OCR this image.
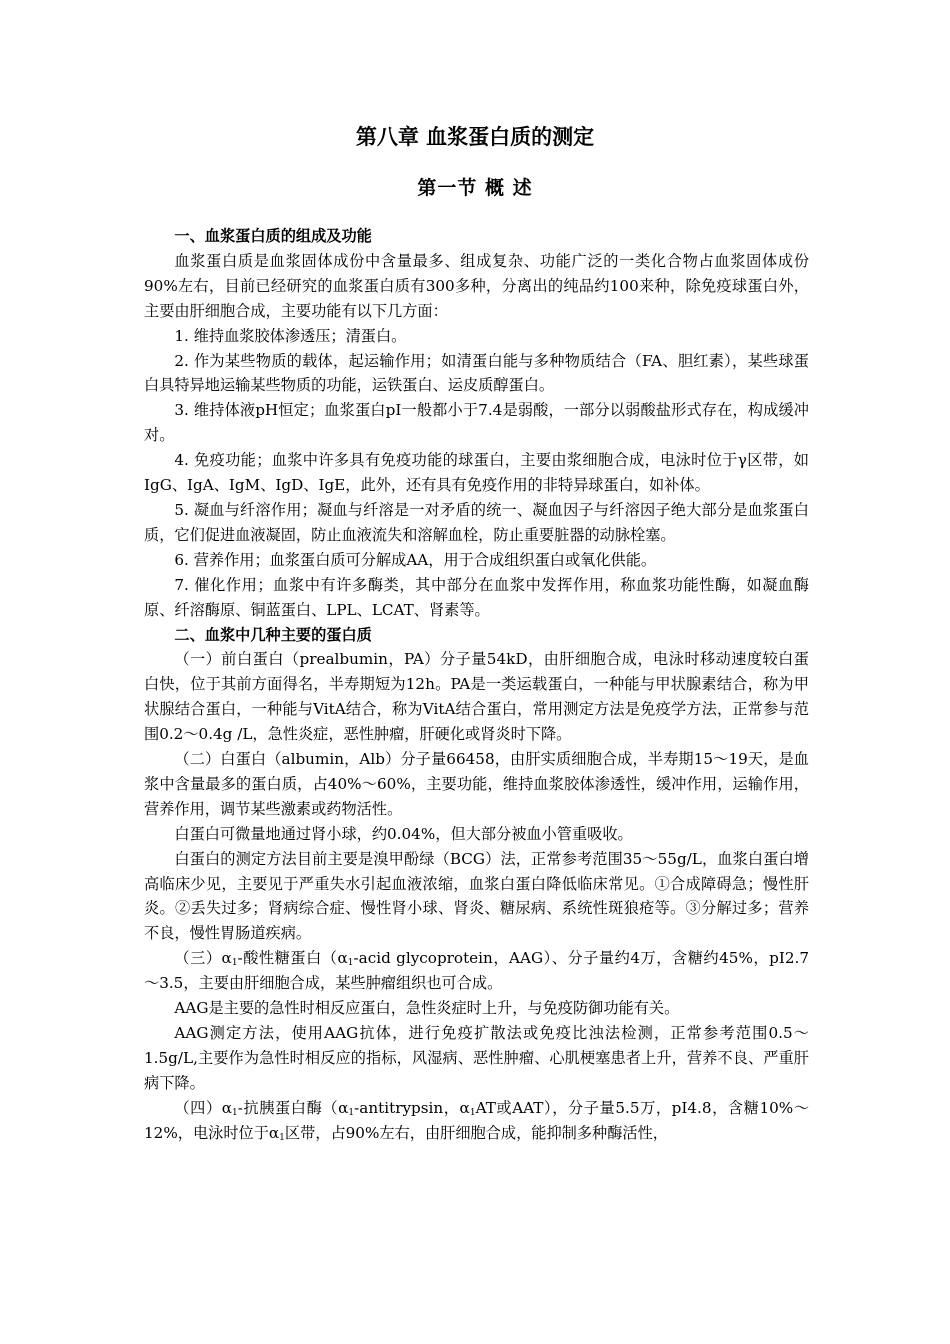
第八章 血浆蛋白质的测定
第一节 概 述
一、血浆蛋白质的组成及功能

血浆蛋白质是血浆固体成份中含量最多、组成复杂、功能广泛的一类化合物占血浆固体成份90%左右，目前已经研究的血浆蛋白质有300多种，分离出的纯品约100来种，除免疫球蛋白外，主要由肝细胞合成，主要功能有以下几方面：

1. 维持血浆胶体渗透压；清蛋白。

2. 作为某些物质的载体，起运输作用；如清蛋白能与多种物质结合（FA、胆红素），某些球蛋白具特异地运输某些物质的功能，运铁蛋白、运皮质醇蛋白。

3. 维持体液pH恒定；血浆蛋白pI一般都小于7.4是弱酸，一部分以弱酸盐形式存在，构成缓冲对。

4. 免疫功能；血浆中许多具有免疫功能的球蛋白，主要由浆细胞合成，电泳时位于γ区带，如IgG、IgA、IgM、IgD、IgE，此外，还有具有免疫作用的非特异球蛋白，如补体。

5. 凝血与纤溶作用；凝血与纤溶是一对矛盾的统一、凝血因子与纤溶因子绝大部分是血浆蛋白质，它们促进血液凝固，防止血液流失和溶解血栓，防止重要脏器的动脉栓塞。

6. 营养作用；血浆蛋白质可分解成AA，用于合成组织蛋白或氧化供能。

7. 催化作用；血浆中有许多酶类，其中部分在血浆中发挥作用，称血浆功能性酶，如凝血酶原、纤溶酶原、铜蓝蛋白、LPL、LCAT、肾素等。

二、血浆中几种主要的蛋白质

（一）前白蛋白（prealbumin，PA）分子量54kD，由肝细胞合成，电泳时移动速度较白蛋白快，位于其前方面得名，半寿期短为12h。PA是一类运载蛋白，一种能与甲状腺素结合，称为甲状腺结合蛋白，一种能与VitA结合，称为VitA结合蛋白，常用测定方法是免疫学方法，正常参与范围0.2～0.4g /L，急性炎症，恶性肿瘤，肝硬化或肾炎时下降。

（二）白蛋白（albumin，Alb）分子量66458，由肝实质细胞合成，半寿期15～19天，是血浆中含量最多的蛋白质，占40%～60%，主要功能，维持血浆胶体渗透性，缓冲作用，运输作用，营养作用，调节某些激素或药物活性。

白蛋白可微量地通过肾小球，约0.04%，但大部分被血小管重吸收。

白蛋白的测定方法目前主要是溴甲酚绿（BCG）法，正常参考范围35～55g/L，血浆白蛋白增高临床少见，主要见于严重失水引起血液浓缩，血浆白蛋白降低临床常见。①合成障碍急；慢性肝炎。②丢失过多；肾病综合症、慢性肾小球、肾炎、糖尿病、系统性斑狼疮等。③分解过多；营养不良，慢性胃肠道疾病。

（三）$\alpha_1-$酸性糖蛋白（$\alpha_1$-acid glycoprotein，AAG）、分子量约4万，含糖约45%，pI2.7～3.5，主要由肝细胞合成，某些肿瘤组织也可合成。

AAG是主要的急性时相反应蛋白，急性炎症时上升，与免疫防御功能有关。

AAG测定方法，使用AAG抗体，进行免疫扩散法或免疫比浊法检测，正常参考范围0.5～1.5g/L,主要作为急性时相反应的指标，风湿病、恶性肿瘤、心肌梗塞患者上升，营养不良、严重肝病下降。

（四）$\alpha_1-$抗胰蛋白酶（$\alpha_1$-antitrypsin，$\alpha_1AT$或AAT），分子量5.5万，pI4.8，含糖10%～12%，电泳时位于$\alpha_1$区带，占90%左右，由肝细胞合成，能抑制多种酶活性，
